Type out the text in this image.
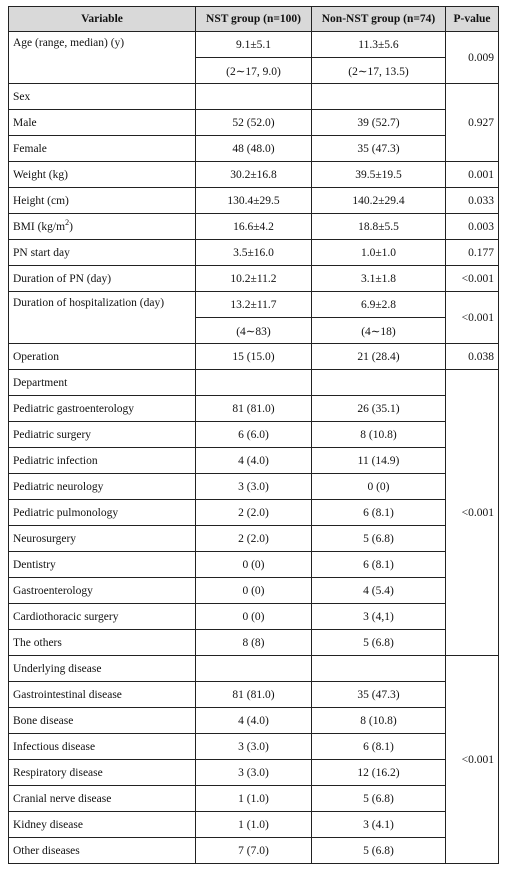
Variable	NST group (n=100)	Non-NST group (n=74)	P-value
Age (range, median) (y)	9.1±5.1	11.3±5.6	0.009
	(2∼17, 9.0)	(2∼17, 13.5)	
Sex			0.927
Male	52 (52.0)	39 (52.7)	
Female	48 (48.0)	35 (47.3)	
Weight (kg)	30.2±16.8	39.5±19.5	0.001
Height (cm)	130.4±29.5	140.2±29.4	0.033
BMI $(kg/m^2)$	16.6±4.2	18.8±5.5	0.003
PN start day	3.5±16.0	1.0±1.0	0.177
Duration of PN (day)	10.2±11.2	3.1±1.8	<0.001
Duration of hospitalization (day)	13.2±11.7	6.9±2.8	<0.001
	(4∼83)	(4∼18)	
Operation	15 (15.0)	21 (28.4)	0.038
Department			<0.001
Pediatric gastroenterology	81 (81.0)	26 (35.1)	
Pediatric surgery	6 (6.0)	8 (10.8)	
Pediatric infection	4 (4.0)	11 (14.9)	
Pediatric neurology	3 (3.0)	0 (0)	
Pediatric pulmonology	2 (2.0)	6 (8.1)	
Neurosurgery	2 (2.0)	5 (6.8)	
Dentistry	0 (0)	6 (8.1)	
Gastroenterology	0 (0)	4 (5.4)	
Cardiothoracic surgery	0 (0)	3 (4,1)	
The others	8 (8)	5 (6.8)	
Underlying disease			<0.001
Gastrointestinal disease	81 (81.0)	35 (47.3)	
Bone disease	4 (4.0)	8 (10.8)	
Infectious disease	3 (3.0)	6 (8.1)	
Respiratory disease	3 (3.0)	12 (16.2)	
Cranial nerve disease	1 (1.0)	5 (6.8)	
Kidney disease	1 (1.0)	3 (4.1)	
Other diseases	7 (7.0)	5 (6.8)	
